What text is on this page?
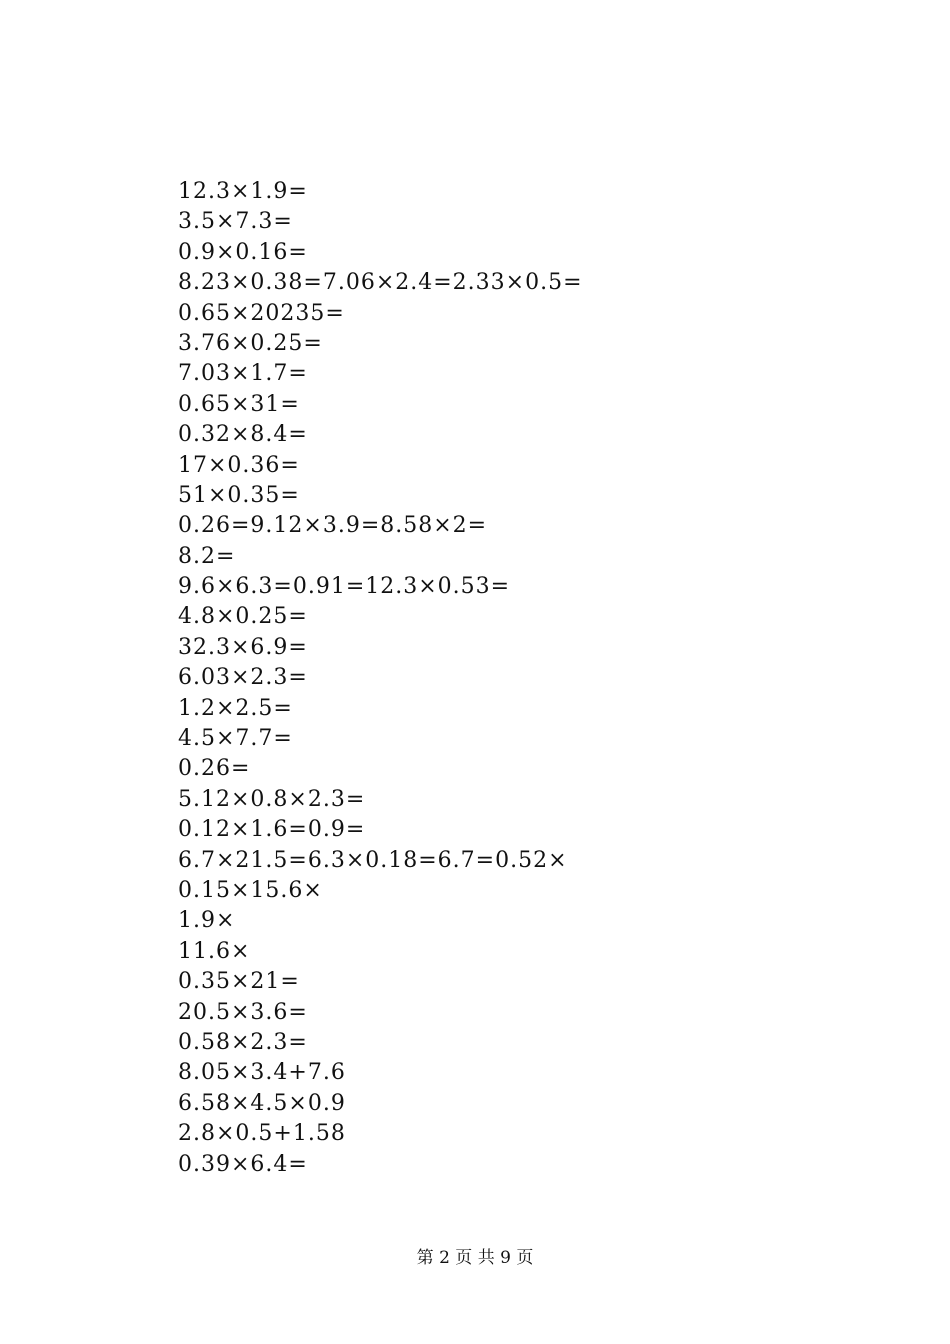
12.3×1.9=
3.5×7.3=
0.9×0.16=
8.23×0.38=7.06×2.4=2.33×0.5=
0.65×20235=
3.76×0.25=
7.03×1.7=
0.65×31=
0.32×8.4=
17×0.36=
51×0.35=
0.26=9.12×3.9=8.58×2=
8.2=
9.6×6.3=0.91=12.3×0.53=
4.8×0.25=
32.3×6.9=
6.03×2.3=
1.2×2.5=
4.5×7.7=
0.26=
5.12×0.8×2.3=
0.12×1.6=0.9=
6.7×21.5=6.3×0.18=6.7=0.52×
0.15×15.6×
1.9×
11.6×
0.35×21=
20.5×3.6=
0.58×2.3=
8.05×3.4+7.6
6.58×4.5×0.9
2.8×0.5+1.58
0.39×6.4=
第 2 页 共 9 页
